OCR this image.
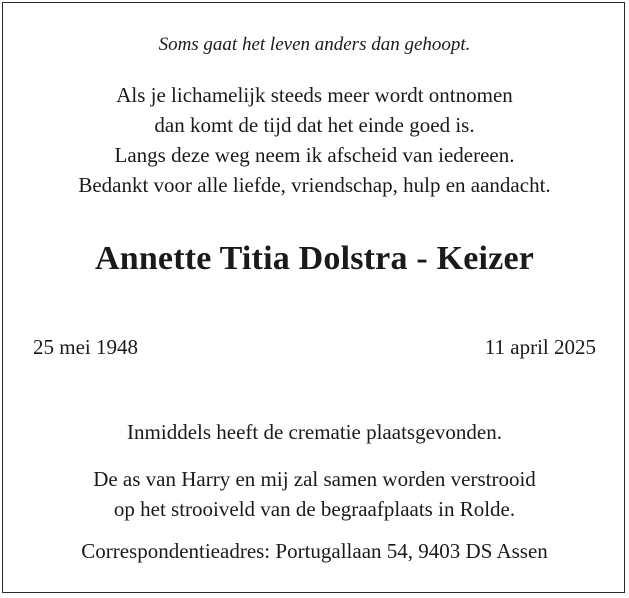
Soms gaat het leven anders dan gehoopt.
Als je lichamelijk steeds meer wordt ontnomen
dan komt de tijd dat het einde goed is.
Langs deze weg neem ik afscheid van iedereen.
Bedankt voor alle liefde, vriendschap, hulp en aandacht.
Annette Titia Dolstra - Keizer
25 mei 1948	11 april 2025
Inmiddels heeft de crematie plaatsgevonden.
De as van Harry en mij zal samen worden verstrooid
op het strooiveld van de begraafplaats in Rolde.
Correspondentieadres: Portugallaan 54, 9403 DS Assen
